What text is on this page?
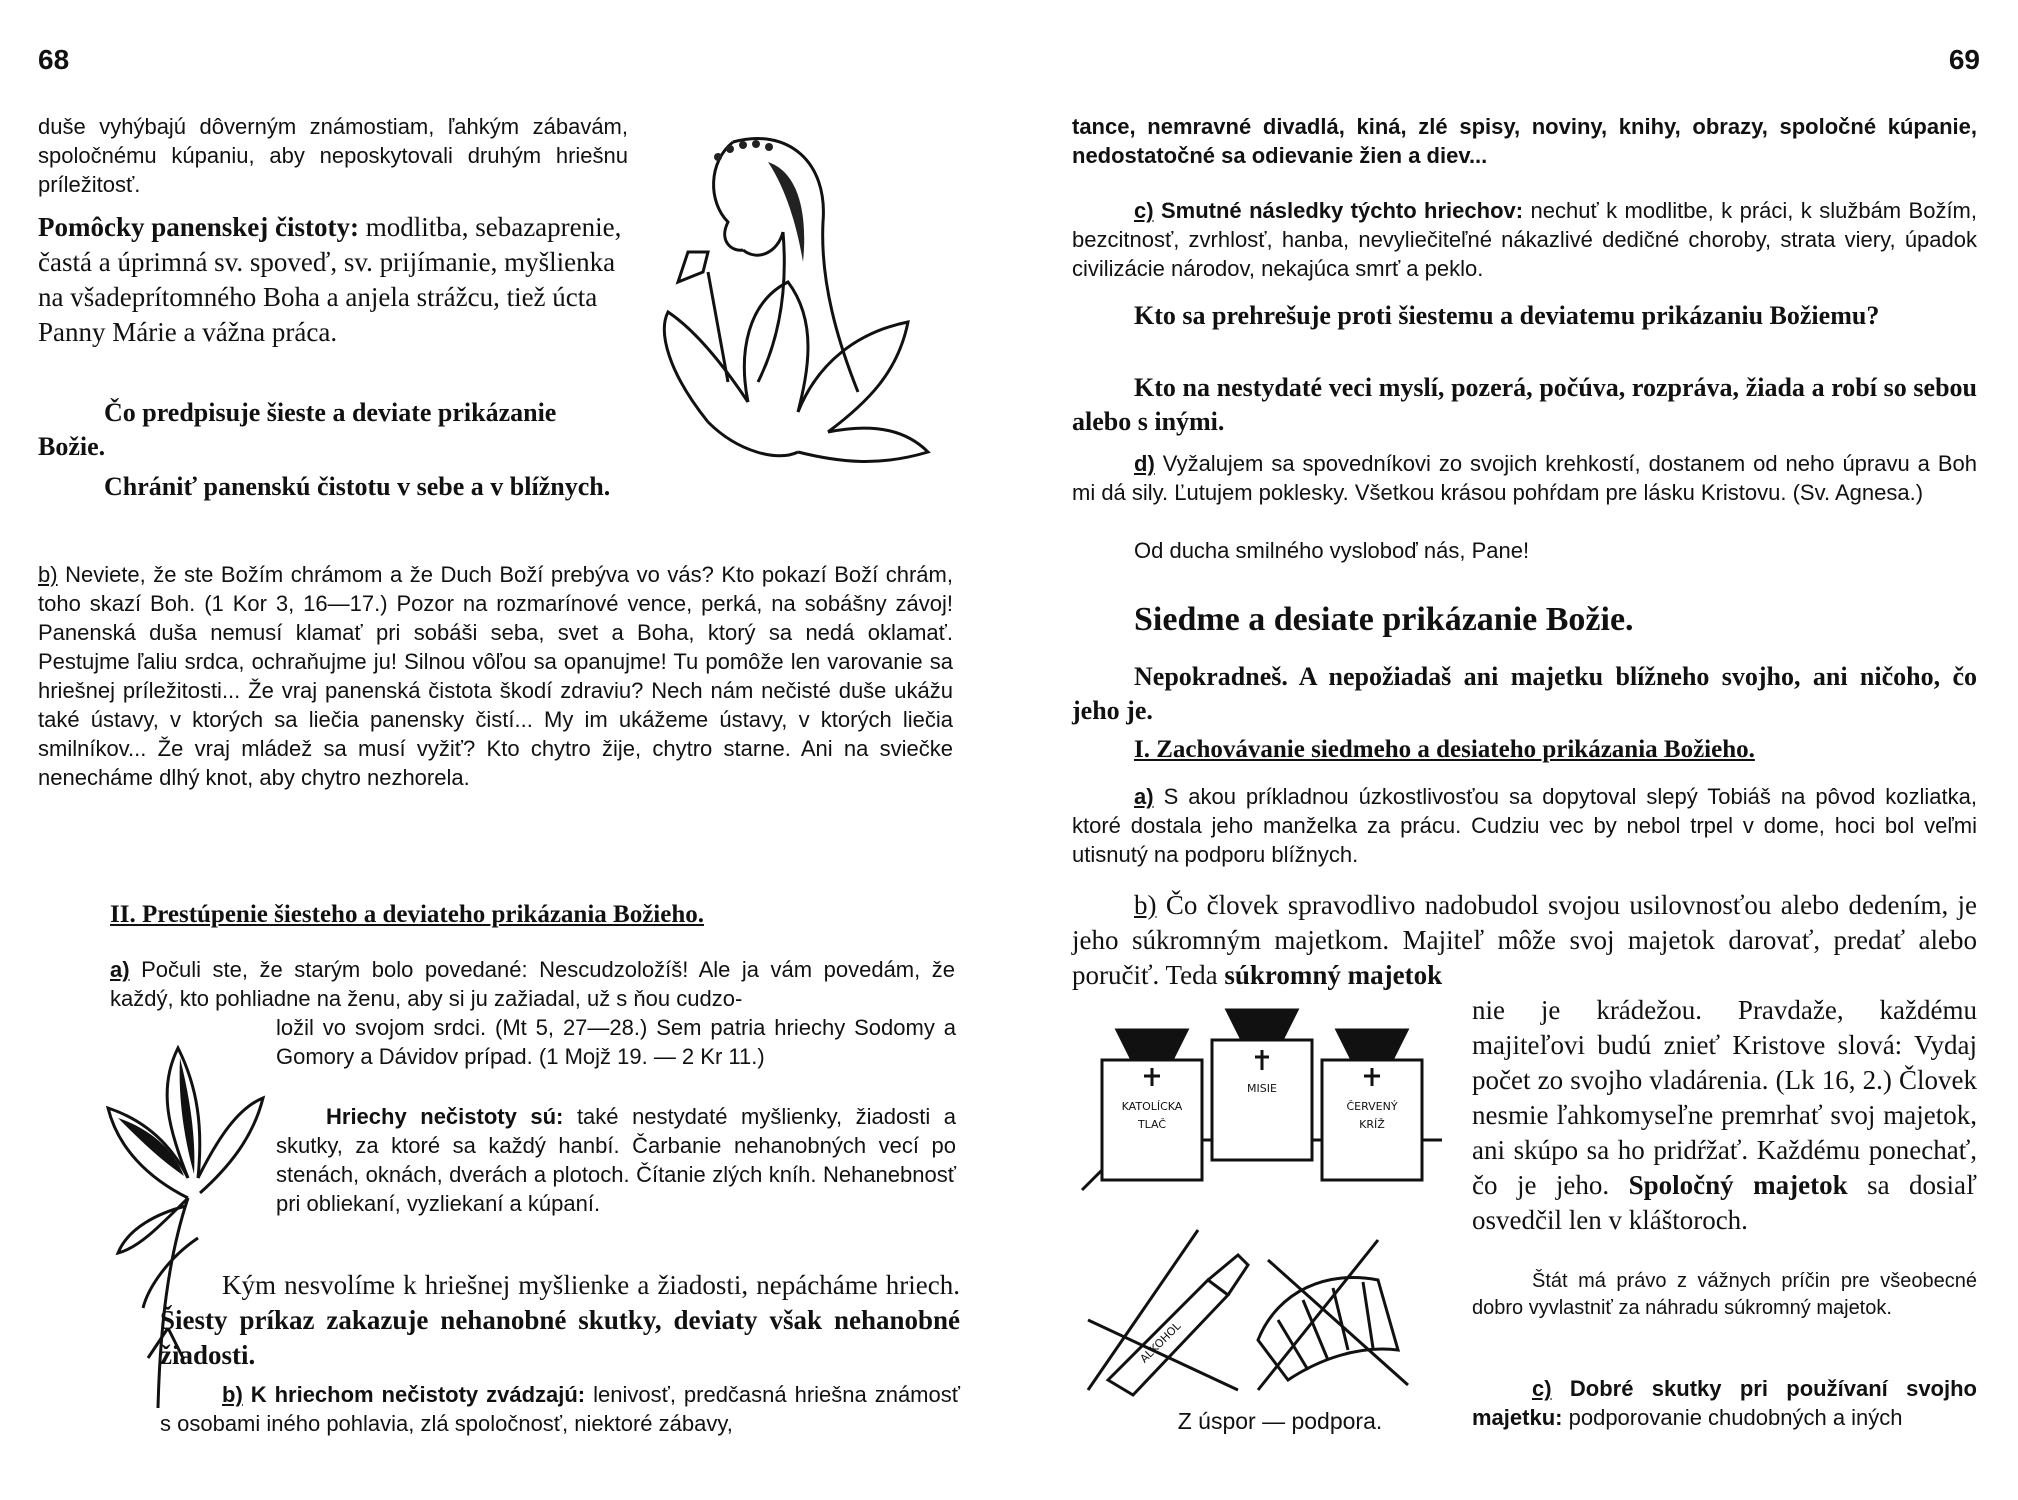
68

duše vyhýbajú dôverným známostiam, ľahkým zábavám, spoločnému kúpaniu, aby neposkytovali druhým hriešnu príležitosť.

Pomôcky panenskej čistoty: modlitba, sebazaprenie, častá a úprimná sv. spoveď, sv. prijímanie, myšlienka na všadeprítomného Boha a anjela strážcu, tiež úcta Panny Márie a vážna práca.

Čo predpisuje šieste a deviate prikázanie Božie.

Chrániť panenskú čistotu v sebe a v blížnych.

b) Neviete, že ste Božím chrámom a že Duch Boží prebýva vo vás? Kto pokazí Boží chrám, toho skazí Boh. (1 Kor 3, 16—17.) Pozor na rozmarínové vence, perká, na sobášny závoj! Panenská duša nemusí klamať pri sobáši seba, svet a Boha, ktorý sa nedá oklamať. Pestujme ľaliu srdca, ochraňujme ju! Silnou vôľou sa opanujme! Tu pomôže len varovanie sa hriešnej príležitosti... Že vraj panenská čistota škodí zdraviu? Nech nám nečisté duše ukážu také ústavy, v ktorých sa liečia panensky čistí... My im ukážeme ústavy, v ktorých liečia smilníkov... Že vraj mládež sa musí vyžiť? Kto chytro žije, chytro starne. Ani na sviečke nenecháme dlhý knot, aby chytro nezhorela.

II. Prestúpenie šiesteho a deviateho prikázania Božieho.

a) Počuli ste, že starým bolo povedané: Nescudzoložíš! Ale ja vám povedám, že každý, kto pohliadne na ženu, aby si ju zažiadal, už s ňou cudzo-

ložil vo svojom srdci. (Mt 5, 27—28.) Sem patria hriechy Sodomy a Gomory a Dávidov prípad. (1 Mojž 19. — 2 Kr 11.)

Hriechy nečistoty sú: také nestydaté myšlienky, žiadosti a skutky, za ktoré sa každý hanbí. Čarbanie nehanobných vecí po stenách, oknách, dverách a plotoch. Čítanie zlých kníh. Nehanebnosť pri obliekaní, vyzliekaní a kúpaní.

Kým nesvolíme k hriešnej myšlienke a žiadosti, nepácháme hriech. Šiesty príkaz zakazuje nehanobné skutky, deviaty však nehanobné žiadosti.

b) K hriechom nečistoty zvádzajú: lenivosť, predčasná hriešna známosť s osobami iného pohlavia, zlá spoločnosť, niektoré zábavy,

69

tance, nemravné divadlá, kiná, zlé spisy, noviny, knihy, obrazy, spoločné kúpanie, nedostatočné sa odievanie žien a diev...

c) Smutné následky týchto hriechov: nechuť k modlitbe, k práci, k službám Božím, bezcitnosť, zvrhlosť, hanba, nevyliečiteľné nákazlivé dedičné choroby, strata viery, úpadok civilizácie národov, nekajúca smrť a peklo.

Kto sa prehrešuje proti šiestemu a deviatemu prikázaniu Božiemu?

Kto na nestydaté veci myslí, pozerá, počúva, rozpráva, žiada a robí so sebou alebo s inými.

d) Vyžalujem sa spovedníkovi zo svojich krehkostí, dostanem od neho úpravu a Boh mi dá sily. Ľutujem poklesky. Všetkou krásou pohŕdam pre lásku Kristovu. (Sv. Agnesa.)

Od ducha smilného vysloboď nás, Pane!

Siedme a desiate prikázanie Božie.

Nepokradneš. A nepožiadaš ani majetku blížneho svojho, ani ničoho, čo jeho je.

I. Zachovávanie siedmeho a desiateho prikázania Božieho.

a) S akou príkladnou úzkostlivosťou sa dopytoval slepý Tobiáš na pôvod kozliatka, ktoré dostala jeho manželka za prácu. Cudziu vec by nebol trpel v dome, hoci bol veľmi utisnutý na podporu blížnych.

b) Čo človek spravodlivo nadobudol svojou usilovnosťou alebo dedením, je jeho súkromným majetkom. Majiteľ môže svoj majetok darovať, predať alebo poručiť. Teda súkromný majetok

nie je krádežou. Pravdaže, každému majiteľovi budú znieť Kristove slová: Vydaj počet zo svojho vladárenia. (Lk 16, 2.) Človek nesmie ľahkomyseľne premrhať svoj majetok, ani skúpo sa ho pridŕžať. Každému ponechať, čo je jeho. Spoločný majetok sa dosiaľ osvedčil len v kláštoroch.

KATOLÍCKA
TLAČ
MISIE
ČERVENÝ
KRÍŽ
ALKOHOL
Z úspor — podpora.

Štát má právo z vážnych príčin pre všeobecné dobro vyvlastniť za náhradu súkromný majetok.

c) Dobré skutky pri používaní svojho majetku: podporovanie chudobných a iných
